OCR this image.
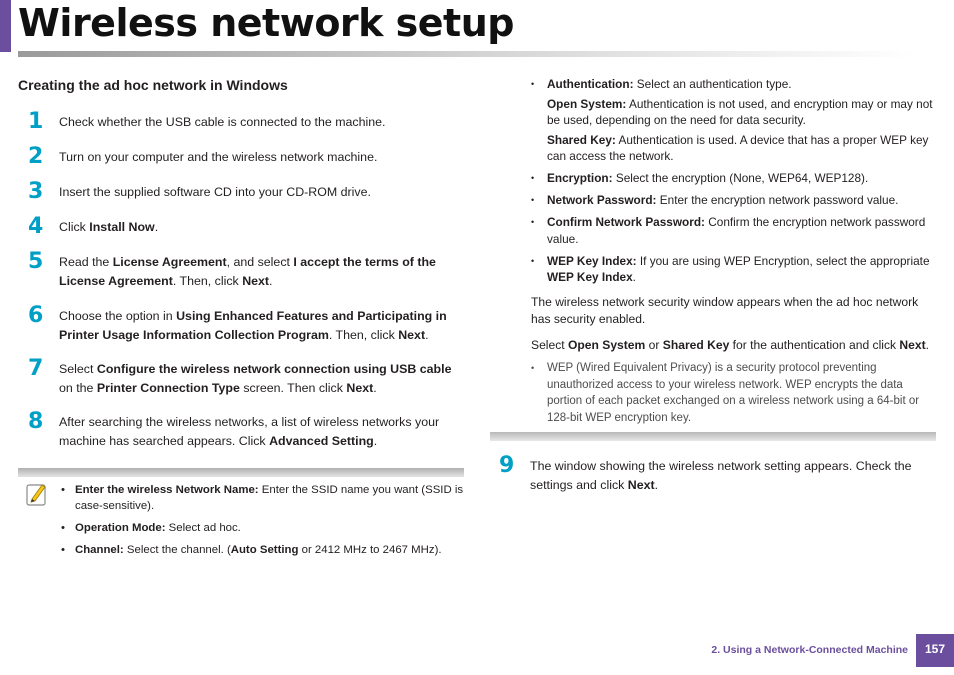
Wireless network setup
Creating the ad hoc network in Windows
1 Check whether the USB cable is connected to the machine.
2 Turn on your computer and the wireless network machine.
3 Insert the supplied software CD into your CD-ROM drive.
4 Click Install Now.
5 Read the License Agreement, and select I accept the terms of the License Agreement. Then, click Next.
6 Choose the option in Using Enhanced Features and Participating in Printer Usage Information Collection Program. Then, click Next.
7 Select Configure the wireless network connection using USB cable on the Printer Connection Type screen. Then click Next.
8 After searching the wireless networks, a list of wireless networks your machine has searched appears. Click Advanced Setting.
• Enter the wireless Network Name: Enter the SSID name you want (SSID is case-sensitive).
• Operation Mode: Select ad hoc.
• Channel: Select the channel. (Auto Setting or 2412 MHz to 2467 MHz).
• Authentication: Select an authentication type.
Open System: Authentication is not used, and encryption may or may not be used, depending on the need for data security.
Shared Key: Authentication is used. A device that has a proper WEP key can access the network.
• Encryption: Select the encryption (None, WEP64, WEP128).
• Network Password: Enter the encryption network password value.
• Confirm Network Password: Confirm the encryption network password value.
• WEP Key Index: If you are using WEP Encryption, select the appropriate WEP Key Index.

The wireless network security window appears when the ad hoc network has security enabled.

Select Open System or Shared Key for the authentication and click Next.

• WEP (Wired Equivalent Privacy) is a security protocol preventing unauthorized access to your wireless network. WEP encrypts the data portion of each packet exchanged on a wireless network using a 64-bit or 128-bit WEP encryption key.
9 The window showing the wireless network setting appears. Check the settings and click Next.
2. Using a Network-Connected Machine	157
